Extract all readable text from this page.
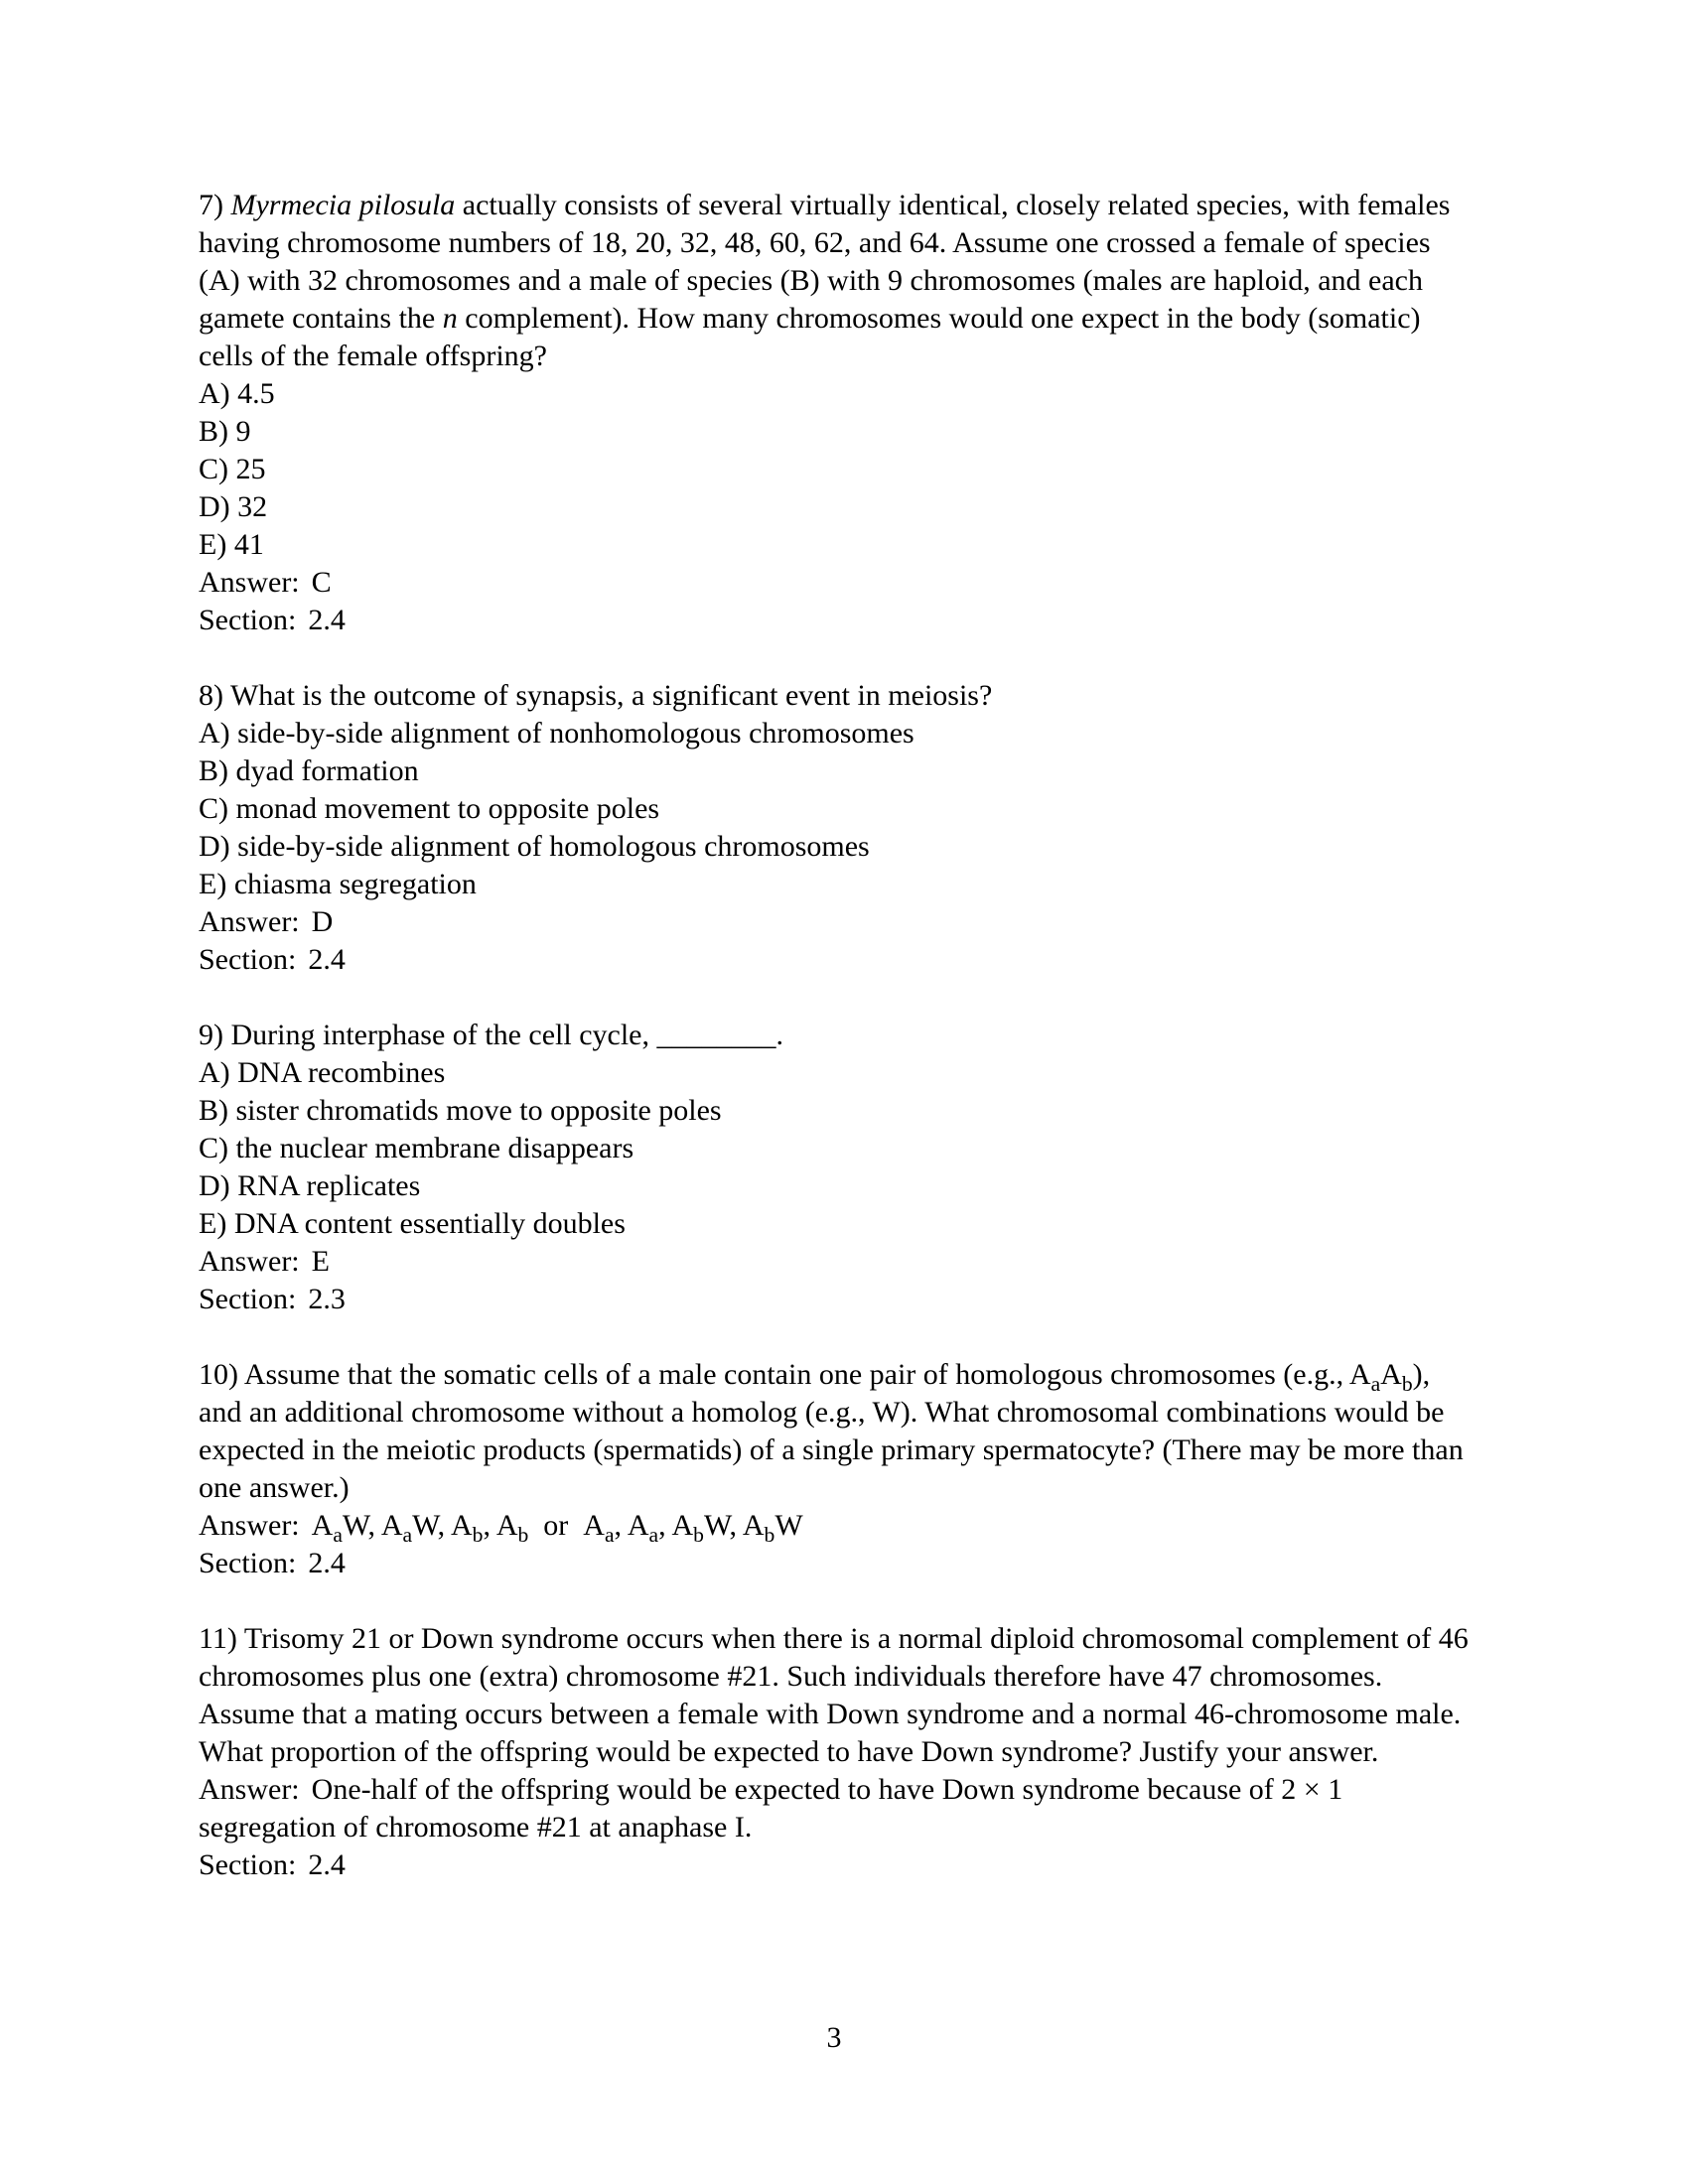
7) Myrmecia pilosula actually consists of several virtually identical, closely related species, with females having chromosome numbers of 18, 20, 32, 48, 60, 62, and 64. Assume one crossed a female of species (A) with 32 chromosomes and a male of species (B) with 9 chromosomes (males are haploid, and each gamete contains the n complement). How many chromosomes would one expect in the body (somatic) cells of the female offspring?

A) 4.5

B) 9

C) 25

D) 32

E) 41

Answer: C

Section: 2.4

8) What is the outcome of synapsis, a significant event in meiosis?

A) side-by-side alignment of nonhomologous chromosomes

B) dyad formation

C) monad movement to opposite poles

D) side-by-side alignment of homologous chromosomes

E) chiasma segregation

Answer: D

Section: 2.4

9) During interphase of the cell cycle, ________.

A) DNA recombines

B) sister chromatids move to opposite poles

C) the nuclear membrane disappears

D) RNA replicates

E) DNA content essentially doubles

Answer: E

Section: 2.3

10) Assume that the somatic cells of a male contain one pair of homologous chromosomes (e.g., $A_aA_b$), and an additional chromosome without a homolog (e.g., W). What chromosomal combinations would be expected in the meiotic products (spermatids) of a single primary spermatocyte? (There may be more than one answer.)

Answer: $A_aW$, $A_aW$, $A_b$, $A_b$  or  $A_a$, $A_a$, $A_bW$, $A_bW$

Section: 2.4

11) Trisomy 21 or Down syndrome occurs when there is a normal diploid chromosomal complement of 46 chromosomes plus one (extra) chromosome #21. Such individuals therefore have 47 chromosomes. Assume that a mating occurs between a female with Down syndrome and a normal 46-chromosome male. What proportion of the offspring would be expected to have Down syndrome? Justify your answer.

Answer: One-half of the offspring would be expected to have Down syndrome because of 2 × 1 segregation of chromosome #21 at anaphase I.

Section: 2.4

3
